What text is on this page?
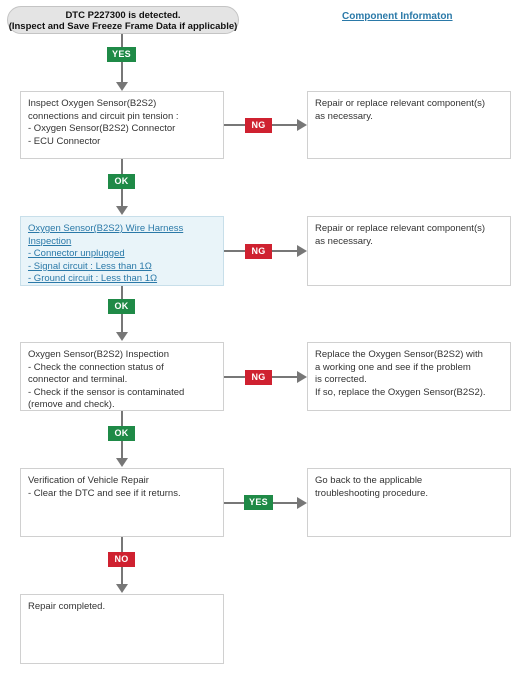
DTC P227300 is detected.
(Inspect and Save Freeze Frame Data if applicable)
Component Informaton
YES
Inspect Oxygen Sensor(B2S2)
connections and circuit pin tension :
- Oxygen Sensor(B2S2) Connector
- ECU Connector
NG
Repair or replace relevant component(s)
as necessary.
OK
Oxygen Sensor(B2S2) Wire Harness
Inspection
- Connector unplugged
- Signal circuit : Less than 1Ω
- Ground circuit : Less than 1Ω
NG
Repair or replace relevant component(s)
as necessary.
OK
Oxygen Sensor(B2S2) Inspection
- Check the connection status of
connector and terminal.
- Check if the sensor is contaminated
(remove and check).
NG
Replace the Oxygen Sensor(B2S2) with
a working one and see if the problem
is corrected.
If so, replace the Oxygen Sensor(B2S2).
OK
Verification of Vehicle Repair
- Clear the DTC and see if it returns.
YES
Go back to the applicable
troubleshooting procedure.
NO
Repair completed.
